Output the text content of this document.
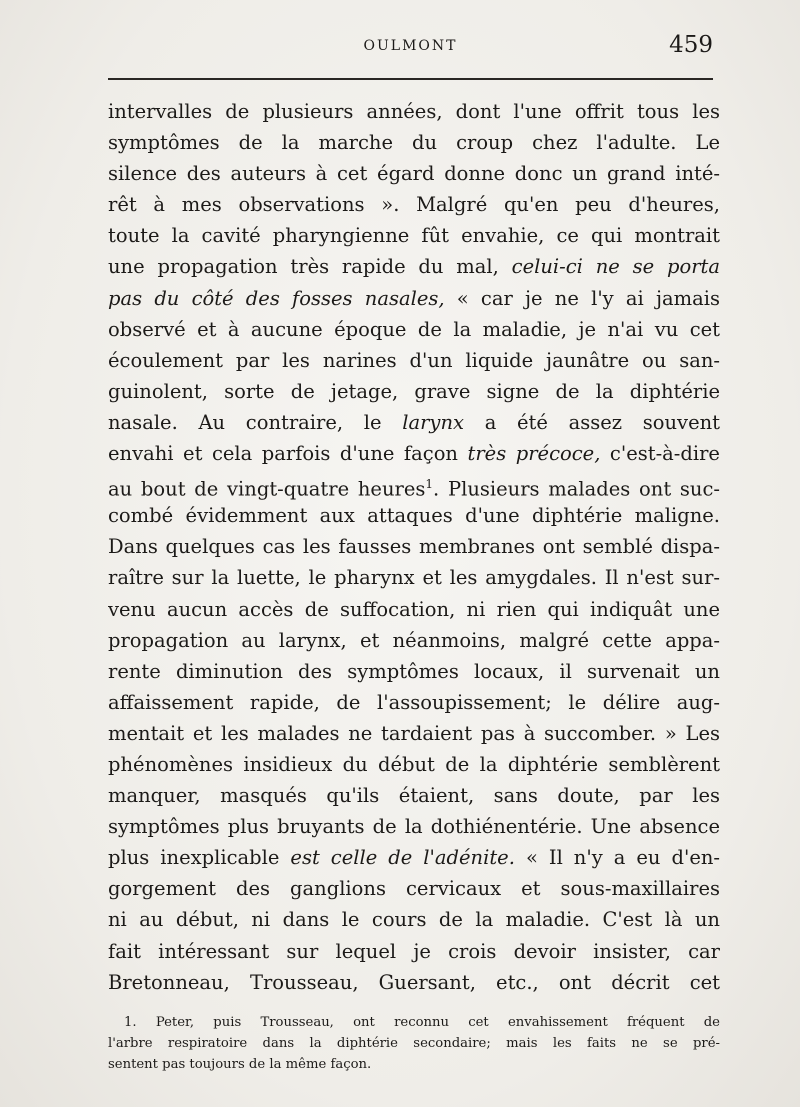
OULMONT	459
intervalles de plusieurs années, dont l'une offrit tous les
symptômes de la marche du croup chez l'adulte. Le
silence des auteurs à cet égard donne donc un grand inté-
rêt à mes observations ». Malgré qu'en peu d'heures,
toute la cavité pharyngienne fût envahie, ce qui montrait
une propagation très rapide du mal, celui-ci ne se porta
pas du côté des fosses nasales, « car je ne l'y ai jamais
observé et à aucune époque de la maladie, je n'ai vu cet
écoulement par les narines d'un liquide jaunâtre ou san-
guinolent, sorte de jetage, grave signe de la diphtérie
nasale. Au contraire, le larynx a été assez souvent
envahi et cela parfois d'une façon très précoce, c'est-à-dire
au bout de vingt-quatre heures$^1$. Plusieurs malades ont suc-
combé évidemment aux attaques d'une diphtérie maligne.
Dans quelques cas les fausses membranes ont semblé dispa-
raître sur la luette, le pharynx et les amygdales. Il n'est sur-
venu aucun accès de suffocation, ni rien qui indiquât une
propagation au larynx, et néanmoins, malgré cette appa-
rente diminution des symptômes locaux, il survenait un
affaissement rapide, de l'assoupissement; le délire aug-
mentait et les malades ne tardaient pas à succomber. » Les
phénomènes insidieux du début de la diphtérie semblèrent
manquer, masqués qu'ils étaient, sans doute, par les
symptômes plus bruyants de la dothiénentérie. Une absence
plus inexplicable est celle de l'adénite. « Il n'y a eu d'en-
gorgement des ganglions cervicaux et sous-maxillaires
ni au début, ni dans le cours de la maladie. C'est là un
fait intéressant sur lequel je crois devoir insister, car
Bretonneau, Trousseau, Guersant, etc., ont décrit cet
1. Peter, puis Trousseau, ont reconnu cet envahissement fréquent de
l'arbre respiratoire dans la diphtérie secondaire; mais les faits ne se pré-
sentent pas toujours de la même façon.
